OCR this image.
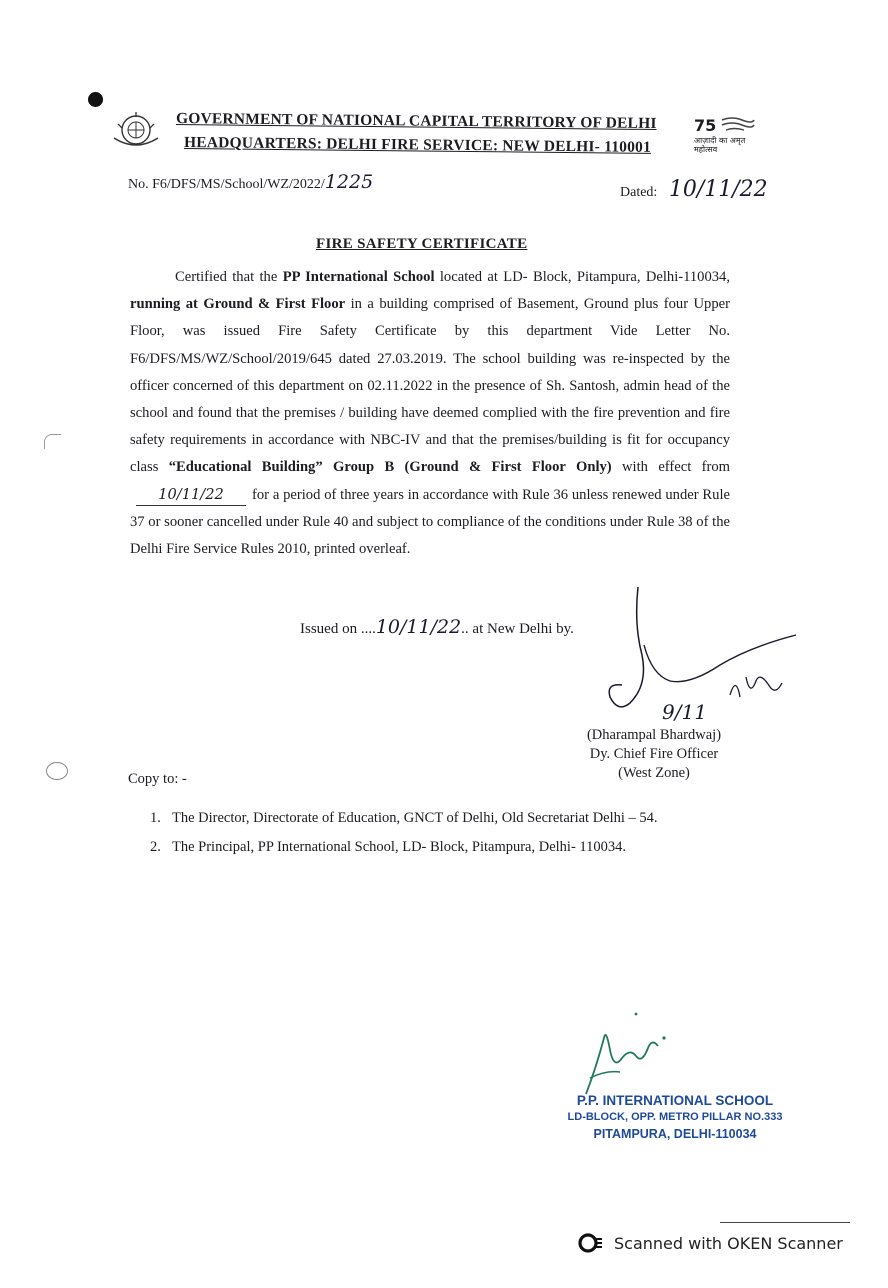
GOVERNMENT OF NATIONAL CAPITAL TERRITORY OF DELHI
HEADQUARTERS: DELHI FIRE SERVICE: NEW DELHI- 110001
75
आज़ादी का अमृत महोत्सव
No. F6/DFS/MS/School/WZ/2022/1225	Dated: 10/11/22
FIRE SAFETY CERTIFICATE
Certified that the PP International School located at LD- Block, Pitampura, Delhi-110034, running at Ground & First Floor in a building comprised of Basement, Ground plus four Upper Floor, was issued Fire Safety Certificate by this department Vide Letter No. F6/DFS/MS/WZ/School/2019/645 dated 27.03.2019. The school building was re-inspected by the officer concerned of this department on 02.11.2022 in the presence of Sh. Santosh, admin head of the school and found that the premises / building have deemed complied with the fire prevention and fire safety requirements in accordance with NBC-IV and that the premises/building is fit for occupancy class “Educational Building” Group B (Ground & First Floor Only) with effect from10/11/22 for a period of three years in accordance with Rule 36 unless renewed under Rule 37 or sooner cancelled under Rule 40 and subject to compliance of the conditions under Rule 38 of the Delhi Fire Service Rules 2010, printed overleaf.
Issued on ....10/11/22.. at New Delhi by.
9/11
(Dharampal Bhardwaj)
Dy. Chief Fire Officer
(West Zone)
Copy to: -
1. The Director, Directorate of Education, GNCT of Delhi, Old Secretariat Delhi – 54.
2. The Principal, PP International School, LD- Block, Pitampura, Delhi- 110034.
P.P. INTERNATIONAL SCHOOL
LD-BLOCK, OPP. METRO PILLAR NO.333
PITAMPURA, DELHI-110034
Scanned with OKEN Scanner
